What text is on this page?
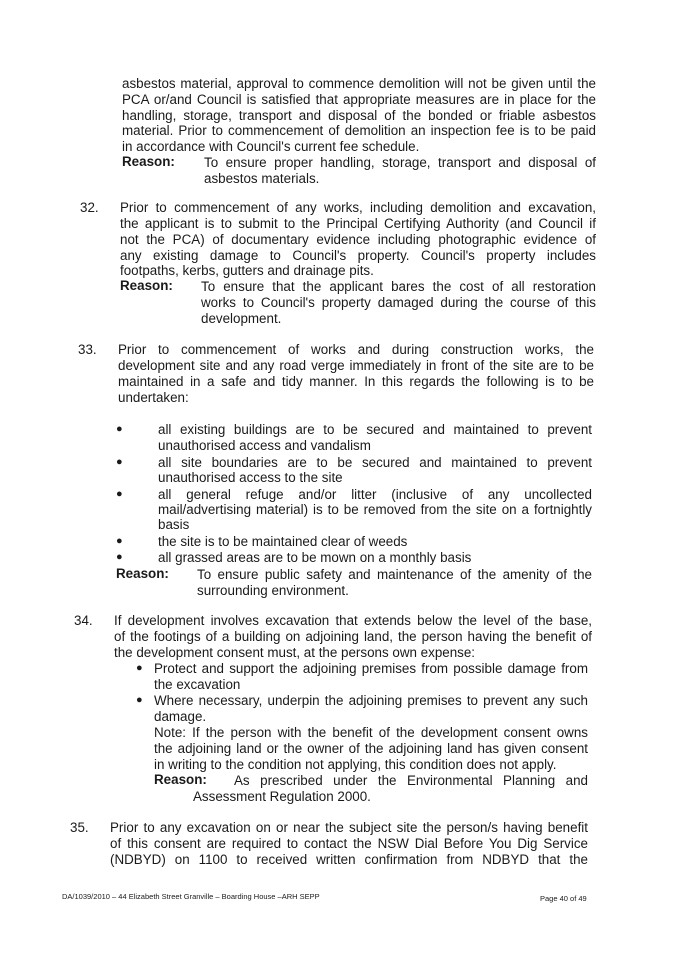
asbestos material, approval to commence demolition will not be given until the
PCA or/and Council is satisfied that appropriate measures are in place for the
handling, storage, transport and disposal of the bonded or friable asbestos
material. Prior to commencement of demolition an inspection fee is to be paid
in accordance with Council's current fee schedule.
Reason: To ensure proper handling, storage, transport and disposal of
asbestos materials.
32. Prior to commencement of any works, including demolition and excavation,
the applicant is to submit to the Principal Certifying Authority (and Council if
not the PCA) of documentary evidence including photographic evidence of
any existing damage to Council's property. Council's property includes
footpaths, kerbs, gutters and drainage pits.
Reason: To ensure that the applicant bares the cost of all restoration
works to Council's property damaged during the course of this
development.
33. Prior to commencement of works and during construction works, the
development site and any road verge immediately in front of the site are to be
maintained in a safe and tidy manner. In this regards the following is to be
undertaken:
●	all existing buildings are to be secured and maintained to prevent
unauthorised access and vandalism
●	all site boundaries are to be secured and maintained to prevent
unauthorised access to the site
●	all general refuge and/or litter (inclusive of any uncollected
mail/advertising material) is to be removed from the site on a fortnightly
basis
●	the site is to be maintained clear of weeds
●	all grassed areas are to be mown on a monthly basis
Reason: To ensure public safety and maintenance of the amenity of the
surrounding environment.
34. If development involves excavation that extends below the level of the base,
of the footings of a building on adjoining land, the person having the benefit of
the development consent must, at the persons own expense:
● Protect and support the adjoining premises from possible damage from
the excavation
● Where necessary, underpin the adjoining premises to prevent any such
damage.
Note: If the person with the benefit of the development consent owns
the adjoining land or the owner of the adjoining land has given consent
in writing to the condition not applying, this condition does not apply.
Reason: As prescribed under the Environmental Planning and
Assessment Regulation 2000.
35. Prior to any excavation on or near the subject site the person/s having benefit
of this consent are required to contact the NSW Dial Before You Dig Service
(NDBYD) on 1100 to received written confirmation from NDBYD that the
DA/1039/2010 – 44 Elizabeth Street Granville – Boarding House –ARH SEPP	Page 40 of 49
